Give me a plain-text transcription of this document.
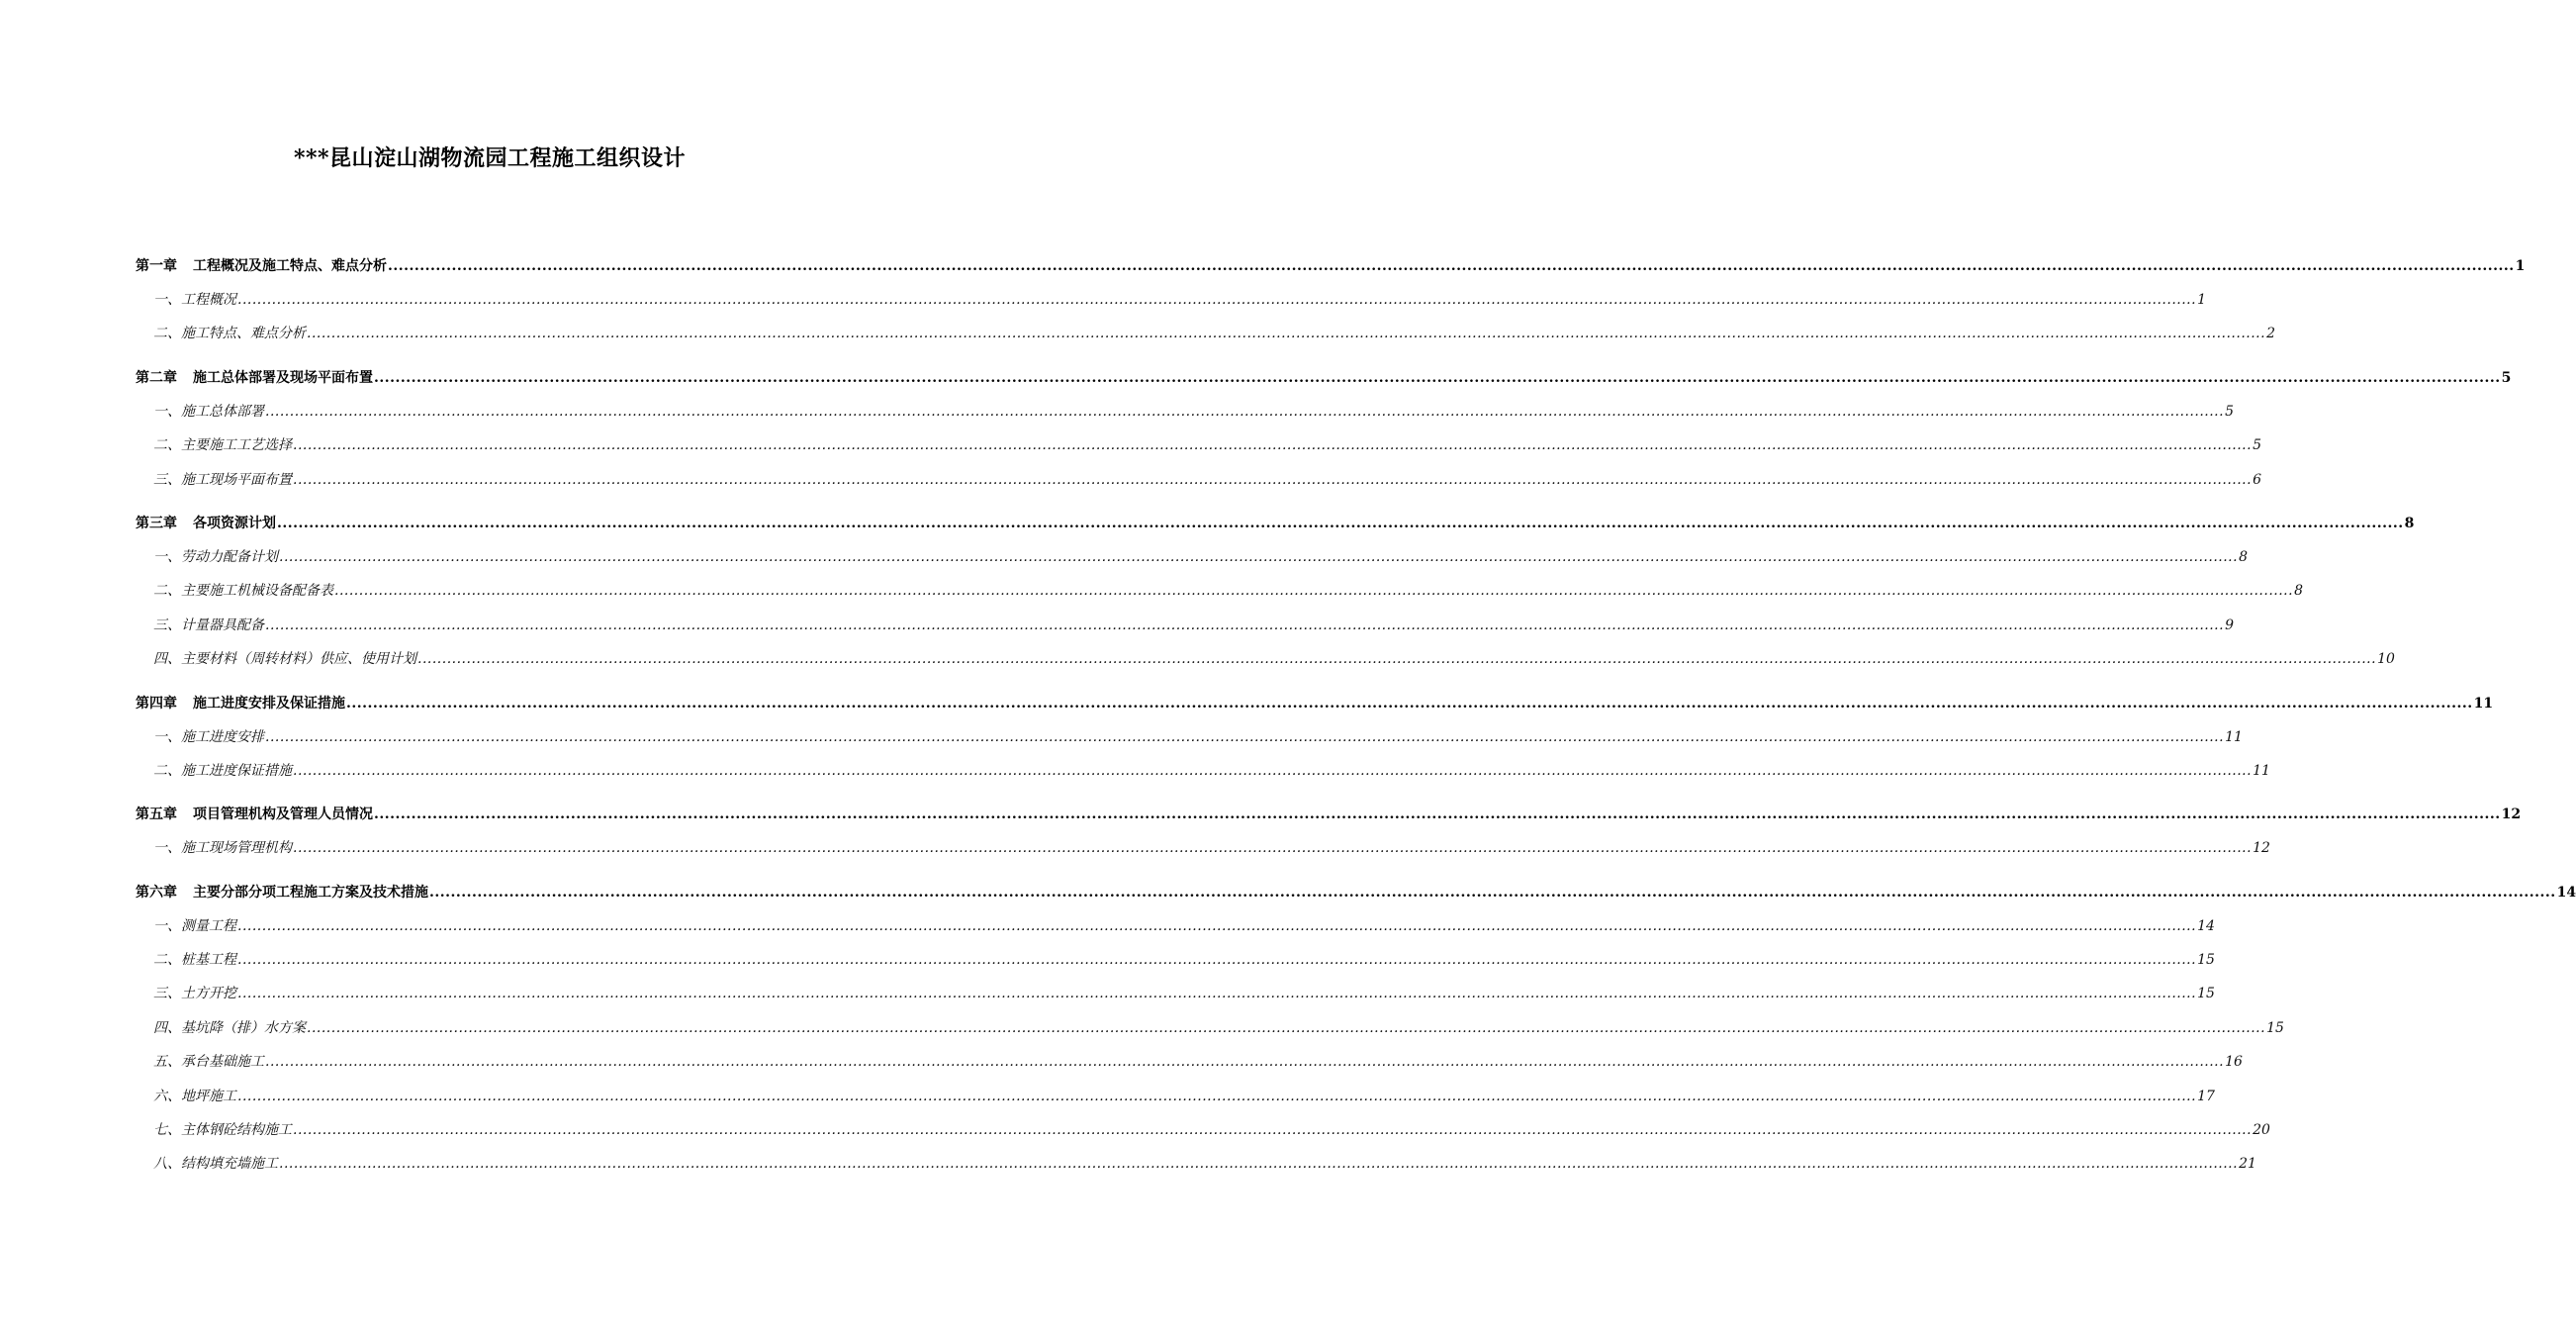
***昆山淀山湖物流园工程施工组织设计
第一章 工程概况及施工特点、难点分析 ................................................................................................................................................................................................................................................................................................................................................................................................................ 1
一、工程概况 ................................................................................................................................................................................................................................................................................................................................................................................................................ 1
二、施工特点、难点分析 ................................................................................................................................................................................................................................................................................................................................................................................................................ 2
第二章 施工总体部署及现场平面布置 ................................................................................................................................................................................................................................................................................................................................................................................................................ 5
一、施工总体部署 ................................................................................................................................................................................................................................................................................................................................................................................................................ 5
二、主要施工工艺选择 ................................................................................................................................................................................................................................................................................................................................................................................................................ 5
三、施工现场平面布置 ................................................................................................................................................................................................................................................................................................................................................................................................................ 6
第三章 各项资源计划 ................................................................................................................................................................................................................................................................................................................................................................................................................ 8
一、劳动力配备计划 ................................................................................................................................................................................................................................................................................................................................................................................................................ 8
二、主要施工机械设备配备表 ................................................................................................................................................................................................................................................................................................................................................................................................................ 8
三、计量器具配备 ................................................................................................................................................................................................................................................................................................................................................................................................................ 9
四、主要材料（周转材料）供应、使用计划 ................................................................................................................................................................................................................................................................................................................................................................................................................ 10
第四章 施工进度安排及保证措施 ................................................................................................................................................................................................................................................................................................................................................................................................................ 11
一、施工进度安排 ................................................................................................................................................................................................................................................................................................................................................................................................................ 11
二、施工进度保证措施 ................................................................................................................................................................................................................................................................................................................................................................................................................ 11
第五章 项目管理机构及管理人员情况 ................................................................................................................................................................................................................................................................................................................................................................................................................ 12
一、施工现场管理机构 ................................................................................................................................................................................................................................................................................................................................................................................................................ 12
第六章 主要分部分项工程施工方案及技术措施 ................................................................................................................................................................................................................................................................................................................................................................................................................ 14
一、测量工程 ................................................................................................................................................................................................................................................................................................................................................................................................................ 14
二、桩基工程 ................................................................................................................................................................................................................................................................................................................................................................................................................ 15
三、土方开挖 ................................................................................................................................................................................................................................................................................................................................................................................................................ 15
四、基坑降（排）水方案 ................................................................................................................................................................................................................................................................................................................................................................................................................ 15
五、承台基础施工 ................................................................................................................................................................................................................................................................................................................................................................................................................ 16
六、地坪施工 ................................................................................................................................................................................................................................................................................................................................................................................................................ 17
七、主体钢砼结构施工 ................................................................................................................................................................................................................................................................................................................................................................................................................ 20
八、结构填充墙施工 ................................................................................................................................................................................................................................................................................................................................................................................................................ 21
